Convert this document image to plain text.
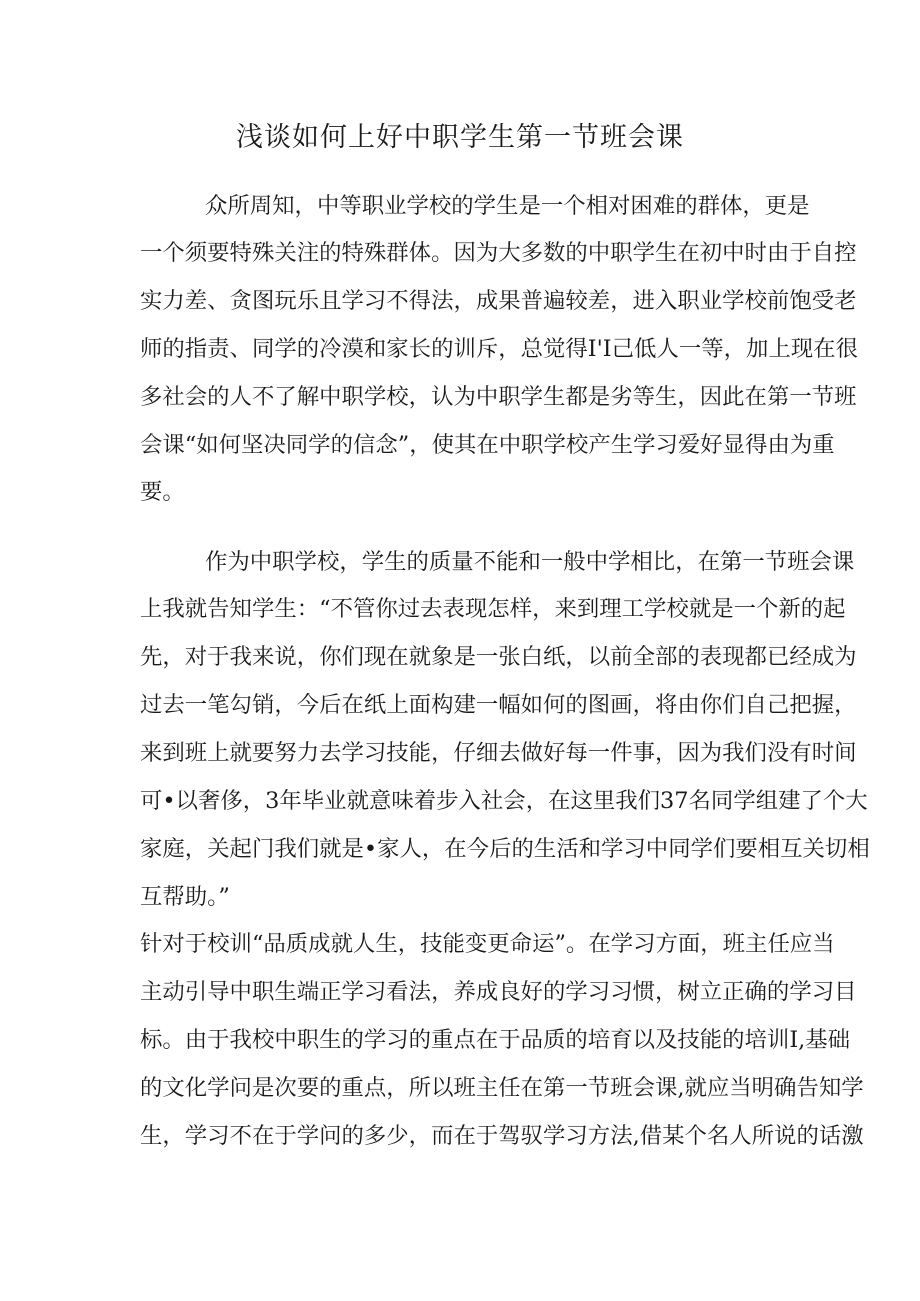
浅谈如何上好中职学生第一节班会课
众所周知，中等职业学校的学生是一个相对困难的群体，更是
一个须要特殊关注的特殊群体。因为大多数的中职学生在初中时由于自控
实力差、贪图玩乐且学习不得法，成果普遍较差，进入职业学校前饱受老
师的指责、同学的冷漠和家长的训斥，总觉得I'I己低人一等，加上现在很
多社会的人不了解中职学校，认为中职学生都是劣等生，因此在第一节班
会课“如何坚决同学的信念”，使其在中职学校产生学习爱好显得由为重
要。
作为中职学校，学生的质量不能和一般中学相比，在第一节班会课
上我就告知学生：“不管你过去表现怎样，来到理工学校就是一个新的起
先，对于我来说，你们现在就象是一张白纸，以前全部的表现都已经成为
过去一笔勾销，今后在纸上面构建一幅如何的图画，将由你们自己把握，
来到班上就要努力去学习技能，仔细去做好每一件事，因为我们没有时间
可•以奢侈，3年毕业就意味着步入社会，在这里我们37名同学组建了个大
家庭，关起门我们就是•家人，在今后的生活和学习中同学们要相互关切相
互帮助。”
针对于校训“品质成就人生，技能变更命运”。在学习方面，班主任应当
主动引导中职生端正学习看法，养成良好的学习习惯，树立正确的学习目
标。由于我校中职生的学习的重点在于品质的培育以及技能的培训I,基础
的文化学问是次要的重点，所以班主任在第一节班会课,就应当明确告知学
生，学习不在于学问的多少，而在于驾驭学习方法,借某个名人所说的话激
